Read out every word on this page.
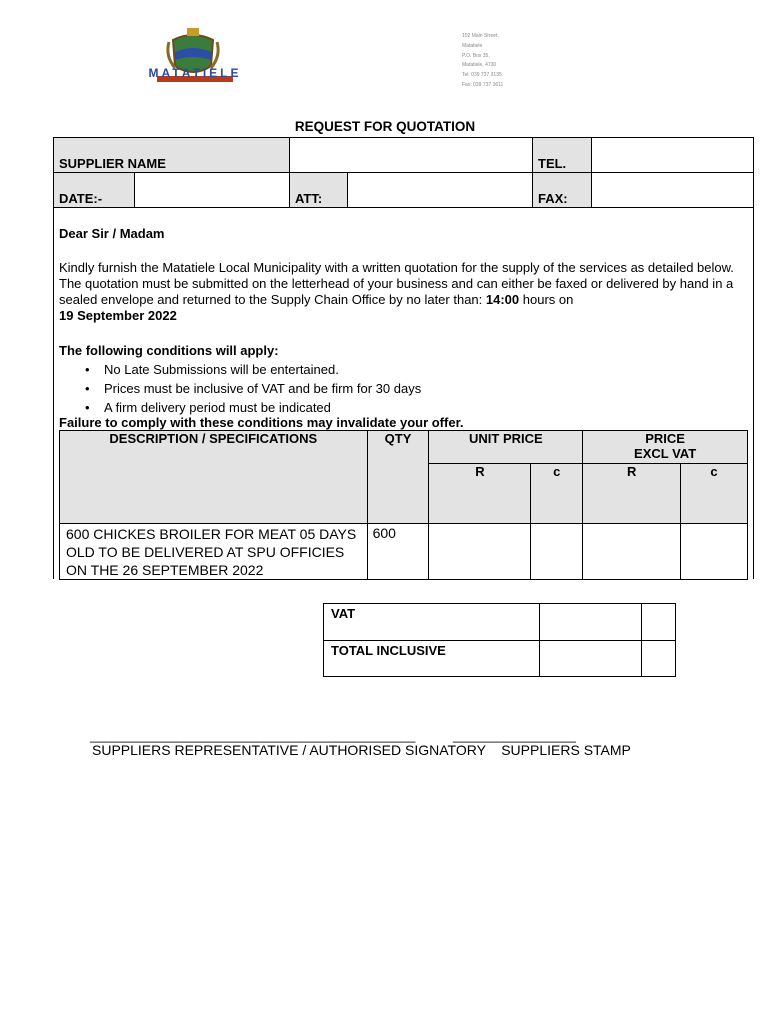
MATATIELE
102 Main Street,
Matatiele
P.O. Box 35,
Matatiele, 4730
Tel: 039 737 3135
Fax: 039 737 3611
REQUEST FOR QUOTATION
SUPPLIER NAME	TEL.
DATE:-	ATT:	FAX:
Dear Sir / Madam
Kindly furnish the Matatiele Local Municipality with a written quotation for the supply of the services as detailed below. The quotation must be submitted on the letterhead of your business and can either be faxed or delivered by hand in a sealed envelope and returned to the Supply Chain Office by no later than: 14:00 hours on
19 September 2022
The following conditions will apply:
• No Late Submissions will be entertained.
• Prices must be inclusive of VAT and be firm for 30 days
• A firm delivery period must be indicated
Failure to comply with these conditions may invalidate your offer.
DESCRIPTION / SPECIFICATIONS	QTY	UNIT PRICE		PRICE
EXCL VAT	

		R	c	R	c

600 CHICKES BROILER FOR MEAT 05 DAYS OLD TO BE DELIVERED AT SPU OFFICIES ON THE 26 SEPTEMBER 2022	600				
VAT		
TOTAL INCLUSIVE		
_____________________________________________	_________________
SUPPLIERS REPRESENTATIVE / AUTHORISED SIGNATORY    SUPPLIERS STAMP
